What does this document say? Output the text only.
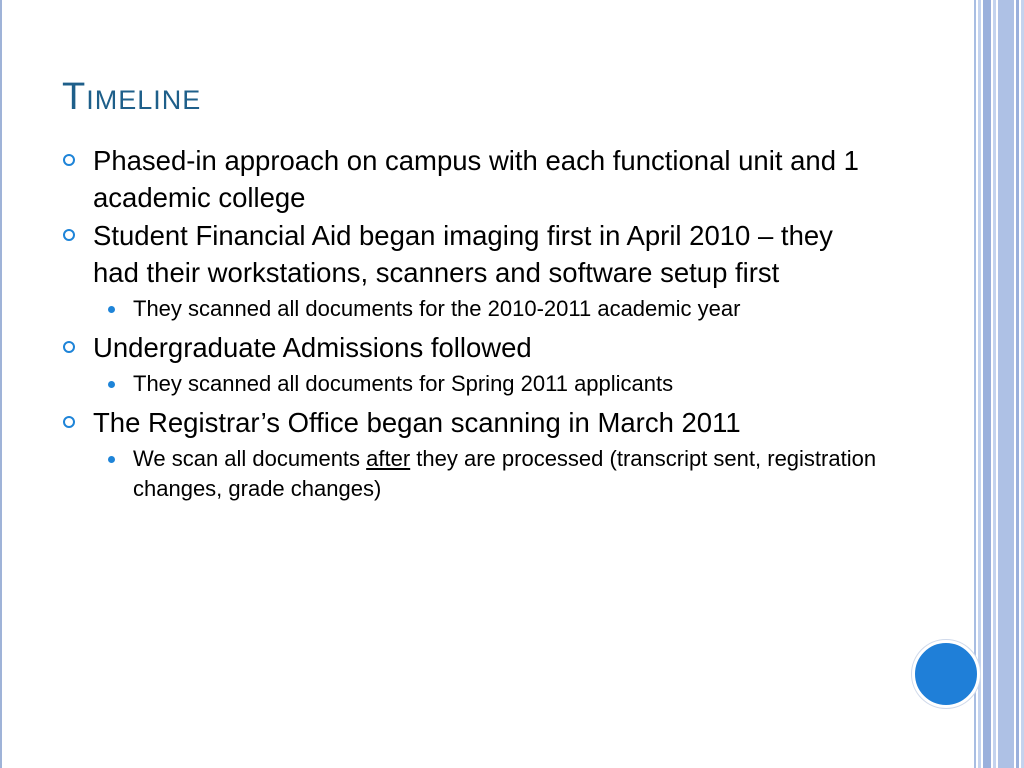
Timeline
Phased-in approach on campus with each functional unit and 1 academic college
Student Financial Aid began imaging first in April 2010 – they had their workstations, scanners and software setup first
They scanned all documents for the 2010-2011 academic year
Undergraduate Admissions followed
They scanned all documents for Spring 2011 applicants
The Registrar’s Office began scanning in March 2011
We scan all documents after they are processed (transcript sent, registration changes, grade changes)
